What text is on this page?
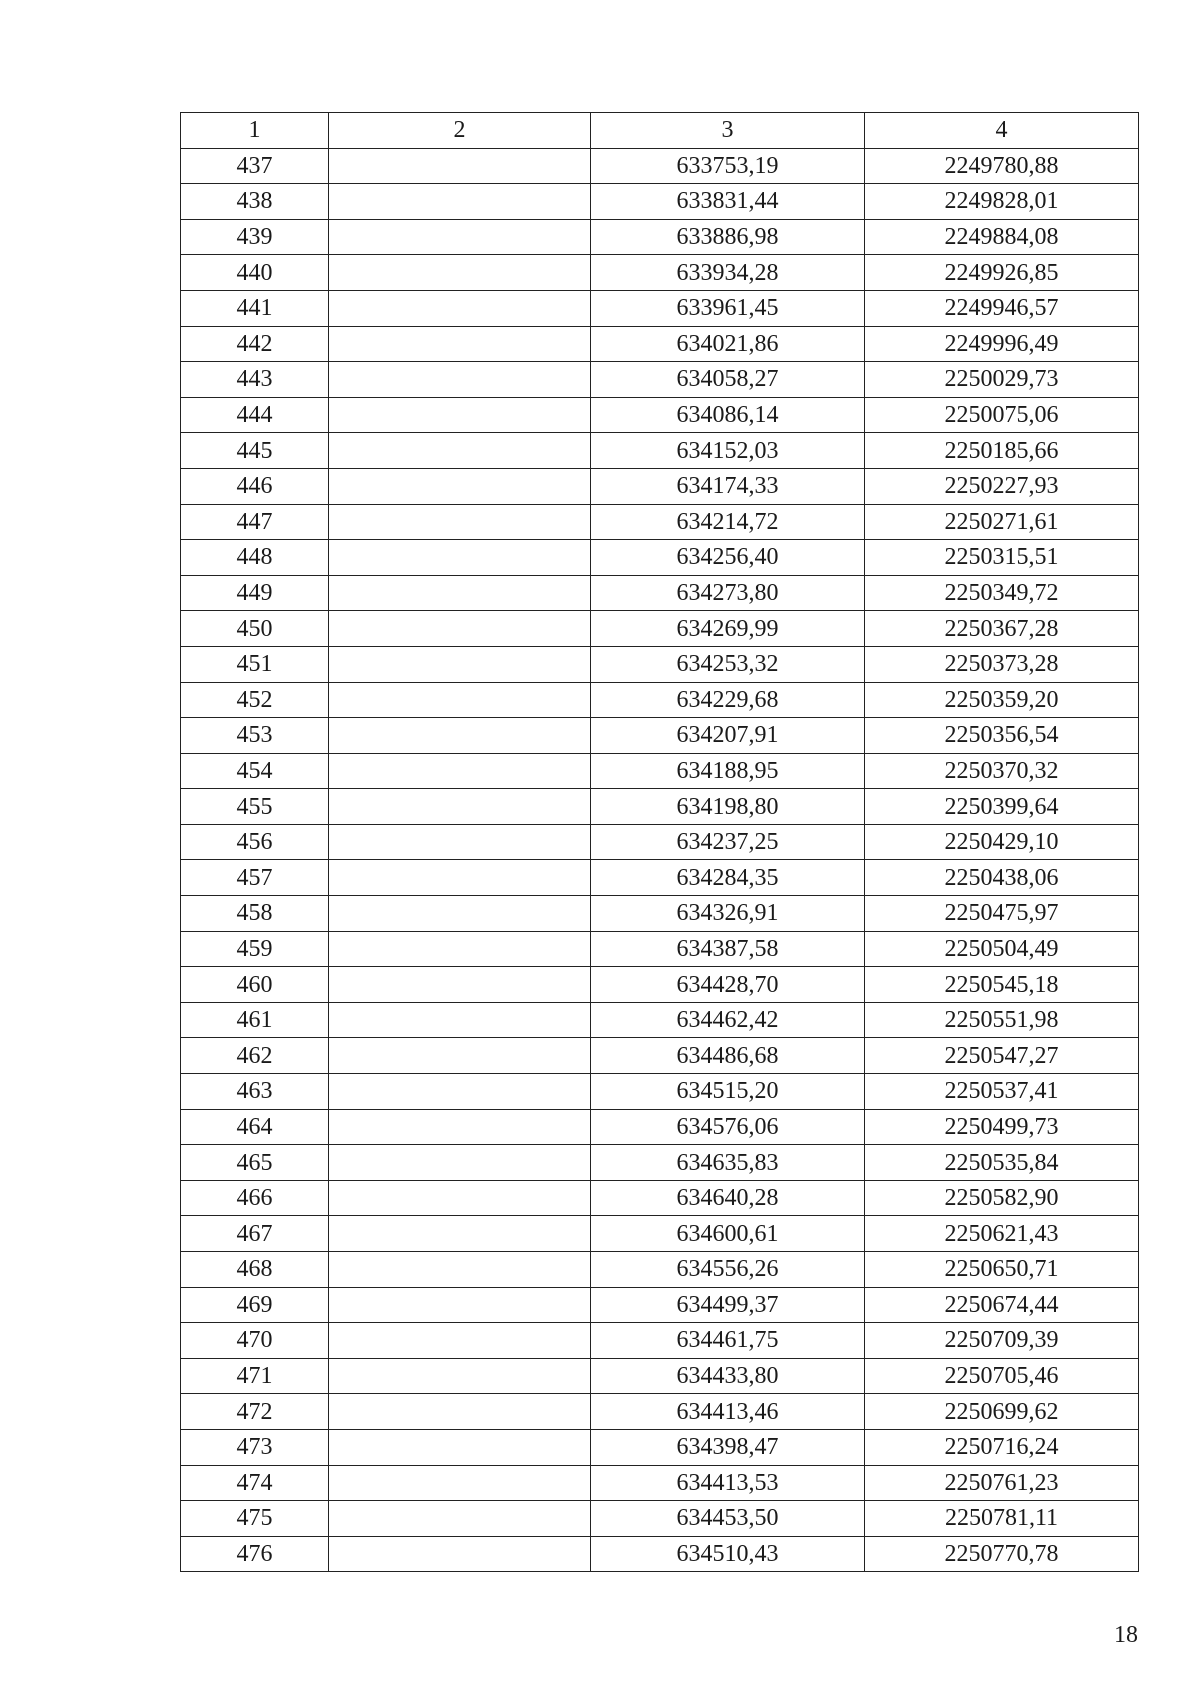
1	2	3	4
437		633753,19	2249780,88
438		633831,44	2249828,01
439		633886,98	2249884,08
440		633934,28	2249926,85
441		633961,45	2249946,57
442		634021,86	2249996,49
443		634058,27	2250029,73
444		634086,14	2250075,06
445		634152,03	2250185,66
446		634174,33	2250227,93
447		634214,72	2250271,61
448		634256,40	2250315,51
449		634273,80	2250349,72
450		634269,99	2250367,28
451		634253,32	2250373,28
452		634229,68	2250359,20
453		634207,91	2250356,54
454		634188,95	2250370,32
455		634198,80	2250399,64
456		634237,25	2250429,10
457		634284,35	2250438,06
458		634326,91	2250475,97
459		634387,58	2250504,49
460		634428,70	2250545,18
461		634462,42	2250551,98
462		634486,68	2250547,27
463		634515,20	2250537,41
464		634576,06	2250499,73
465		634635,83	2250535,84
466		634640,28	2250582,90
467		634600,61	2250621,43
468		634556,26	2250650,71
469		634499,37	2250674,44
470		634461,75	2250709,39
471		634433,80	2250705,46
472		634413,46	2250699,62
473		634398,47	2250716,24
474		634413,53	2250761,23
475		634453,50	2250781,11
476		634510,43	2250770,78
18
